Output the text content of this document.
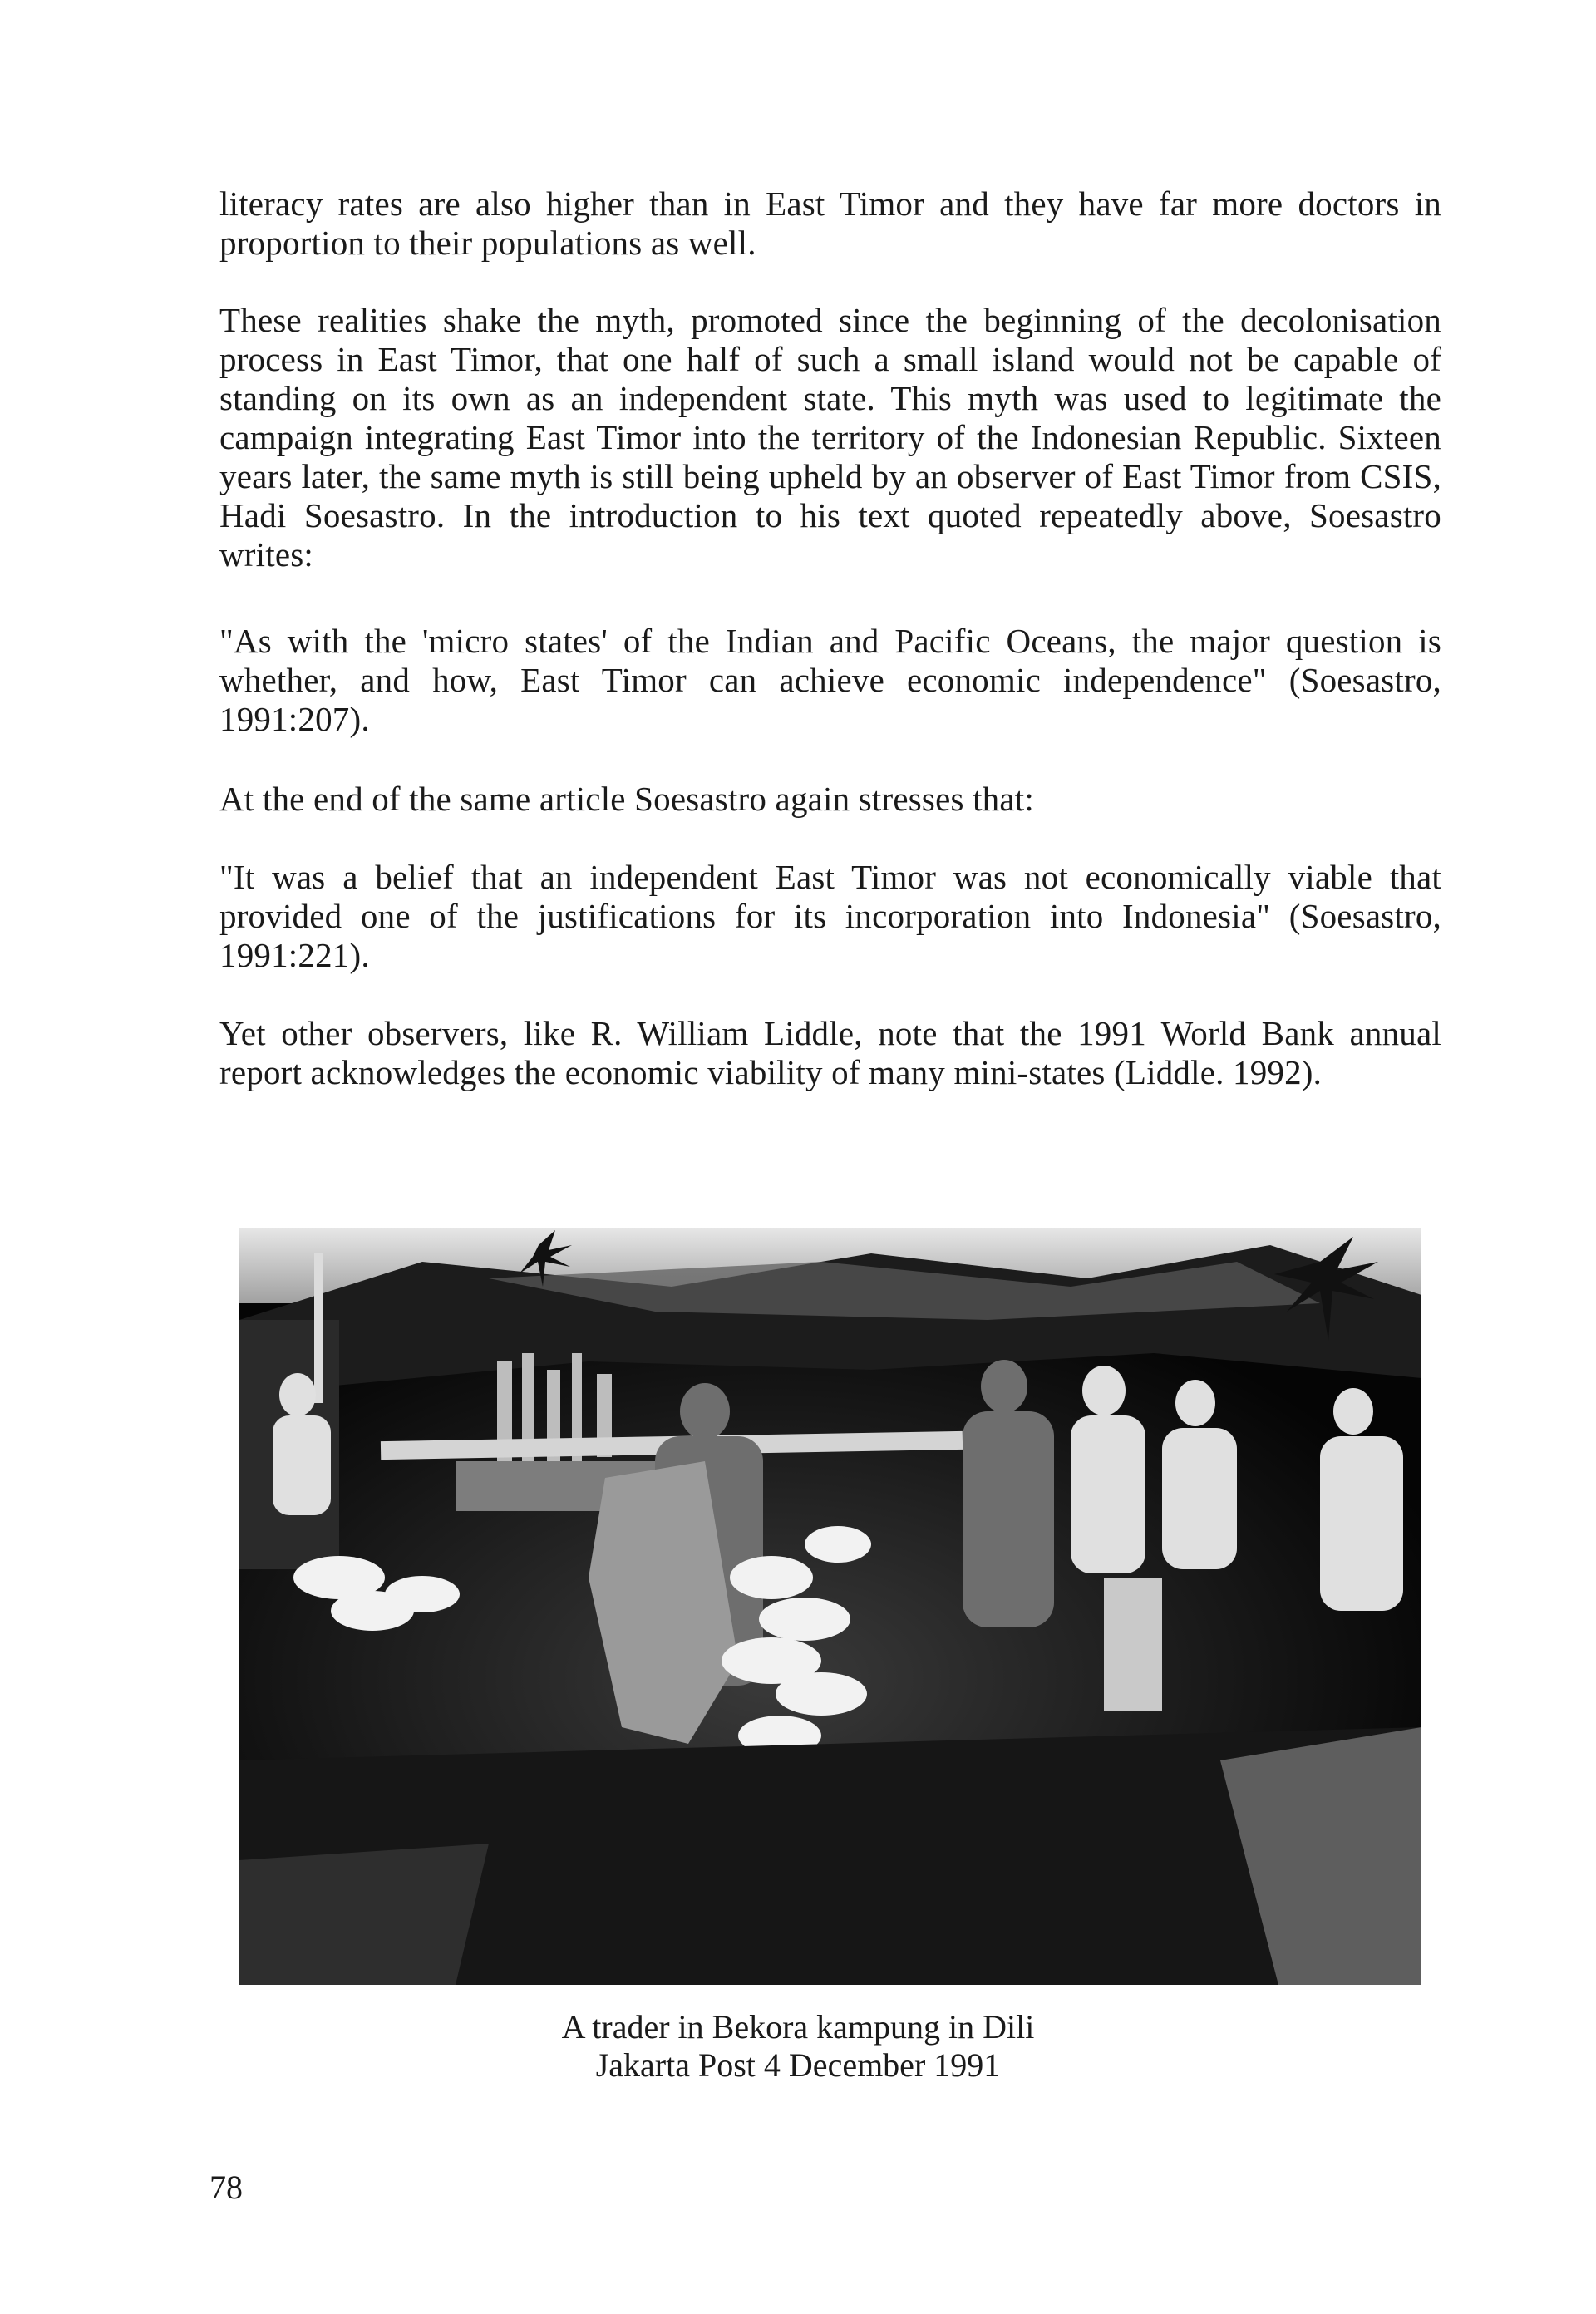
literacy rates are also higher than in East Timor and they have far more doctors in proportion to their populations as well.

These realities shake the myth, promoted since the beginning of the decolonisation process in East Timor, that one half of such a small island would not be capable of standing on its own as an independent state. This myth was used to legitimate the campaign integrating East Timor into the territory of the Indonesian Republic. Sixteen years later, the same myth is still being upheld by an observer of East Timor from CSIS, Hadi Soesastro. In the introduction to his text quoted repeatedly above, Soesastro writes:

"As with the 'micro states' of the Indian and Pacific Oceans, the major question is whether, and how, East Timor can achieve economic independence" (Soesastro, 1991:207).

At the end of the same article Soesastro again stresses that:

"It was a belief that an independent East Timor was not economically viable that provided one of the justifications for its incorporation into Indonesia" (Soesastro, 1991:221).

Yet other observers, like R. William Liddle, note that the 1991 World Bank annual report acknowledges the economic viability of many mini-states (Liddle. 1992).

A trader in Bekora kampung in Dili

Jakarta Post 4 December 1991

78
